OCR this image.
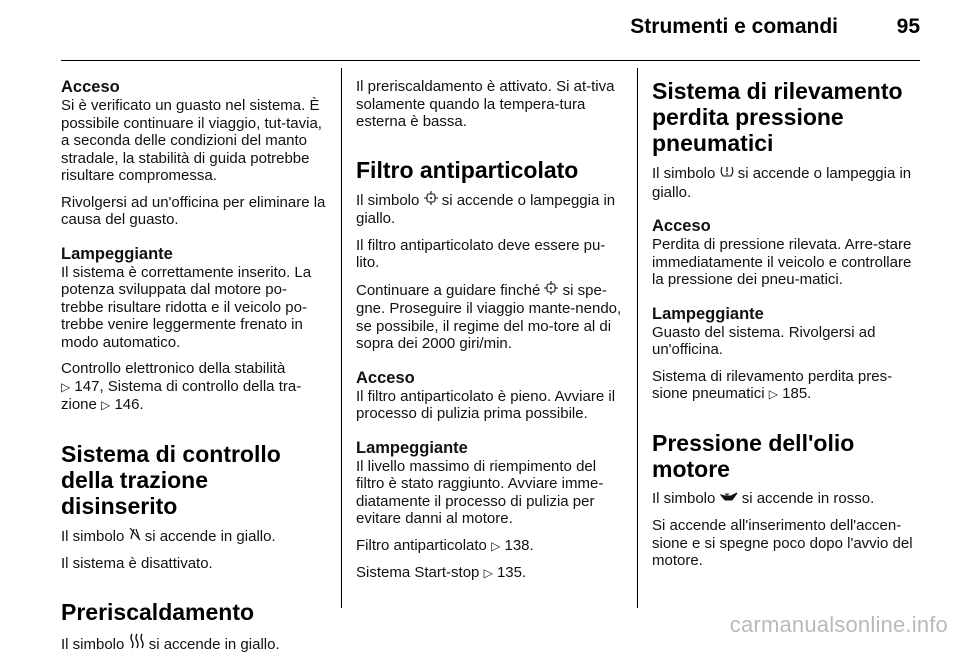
Strumenti e comandi	95
Acceso

Si è verificato un guasto nel sistema. È possibile continuare il viaggio, tut-tavia, a seconda delle condizioni del manto stradale, la stabilità di guida potrebbe risultare compromessa.

Rivolgersi ad un'officina per eliminare la causa del guasto.

Lampeggiante

Il sistema è correttamente inserito. La potenza sviluppata dal motore po-trebbe risultare ridotta e il veicolo po-trebbe venire leggermente frenato in modo automatico.

Controllo elettronico della stabilità
▷ 147, Sistema di controllo della tra-zione ▷ 146.

Sistema di controllo della trazione disinserito

Il simbolo si accende in giallo.

Il sistema è disattivato.

Preriscaldamento

Il simbolo si accende in giallo.

Il preriscaldamento è attivato. Si at-tiva solamente quando la tempera-tura esterna è bassa.

Filtro antiparticolato

Il simbolo si accende o lampeggia in giallo.

Il filtro antiparticolato deve essere pu-lito.

Continuare a guidare finché si spe-gne. Proseguire il viaggio mante-nendo, se possibile, il regime del mo-tore al di sopra dei 2000 giri/min.

Acceso

Il filtro antiparticolato è pieno. Avviare il processo di pulizia prima possibile.

Lampeggiante

Il livello massimo di riempimento del filtro è stato raggiunto. Avviare imme-diatamente il processo di pulizia per evitare danni al motore.

Filtro antiparticolato ▷ 138.

Sistema Start-stop ▷ 135.

Sistema di rilevamento perdita pressione pneumatici

Il simbolo si accende o lampeggia in giallo.

Acceso

Perdita di pressione rilevata. Arre-stare immediatamente il veicolo e controllare la pressione dei pneu-matici.

Lampeggiante

Guasto del sistema. Rivolgersi ad un'officina.

Sistema di rilevamento perdita pres-sione pneumatici ▷ 185.

Pressione dell'olio motore

Il simbolo si accende in rosso.

Si accende all'inserimento dell'accen-sione e si spegne poco dopo l'avvio del motore.

carmanualsonline.info
